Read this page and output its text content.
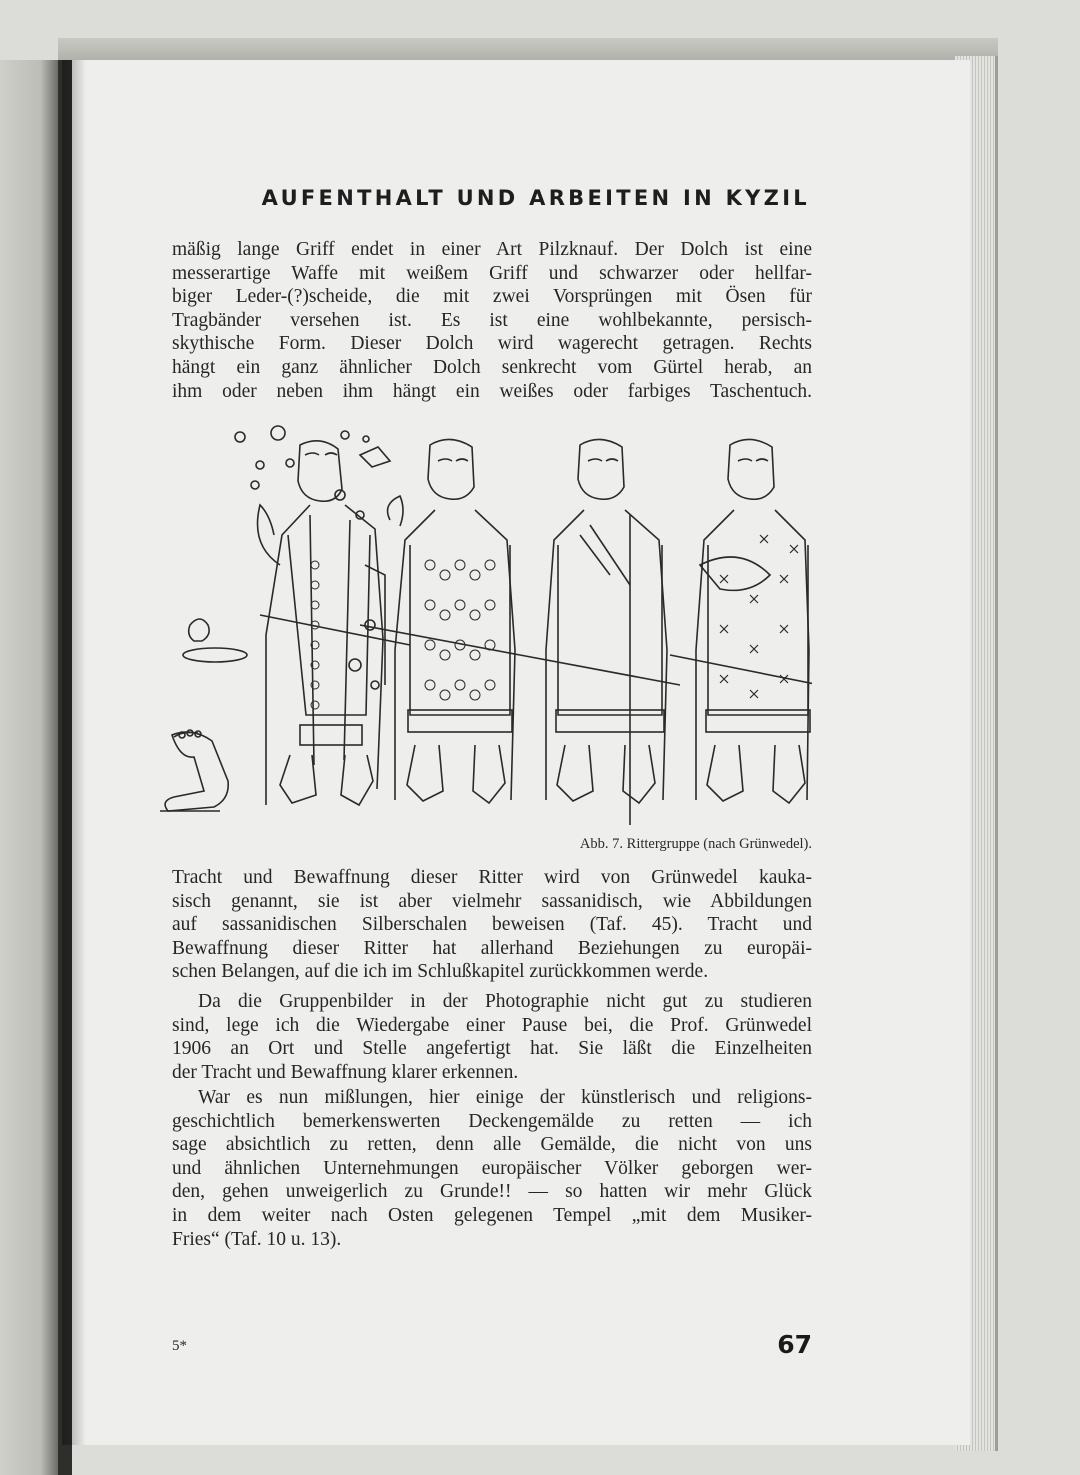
AUFENTHALT UND ARBEITEN IN KYZIL
mäßig lange Griff endet in einer Art Pilzknauf. Der Dolch ist eine
messerartige Waffe mit weißem Griff und schwarzer oder hellfar-
biger Leder-(?)scheide, die mit zwei Vorsprüngen mit Ösen für
Tragbänder versehen ist. Es ist eine wohlbekannte, persisch-
skythische Form. Dieser Dolch wird wagerecht getragen. Rechts
hängt ein ganz ähnlicher Dolch senkrecht vom Gürtel herab, an
ihm oder neben ihm hängt ein weißes oder farbiges Taschentuch.
Abb. 7. Rittergruppe (nach Grünwedel).
Tracht und Bewaffnung dieser Ritter wird von Grünwedel kauka-
sisch genannt, sie ist aber vielmehr sassanidisch, wie Abbildungen
auf sassanidischen Silberschalen beweisen (Taf. 45). Tracht und
Bewaffnung dieser Ritter hat allerhand Beziehungen zu europäi-
schen Belangen, auf die ich im Schlußkapitel zurückkommen werde.
Da die Gruppenbilder in der Photographie nicht gut zu studieren
sind, lege ich die Wiedergabe einer Pause bei, die Prof. Grünwedel
1906 an Ort und Stelle angefertigt hat. Sie läßt die Einzelheiten
der Tracht und Bewaffnung klarer erkennen.
War es nun mißlungen, hier einige der künstlerisch und religions-
geschichtlich bemerkenswerten Deckengemälde zu retten — ich
sage absichtlich zu retten, denn alle Gemälde, die nicht von uns
und ähnlichen Unternehmungen europäischer Völker geborgen wer-
den, gehen unweigerlich zu Grunde!! — so hatten wir mehr Glück
in dem weiter nach Osten gelegenen Tempel „mit dem Musiker-
Fries“ (Taf. 10 u. 13).
5*	67
